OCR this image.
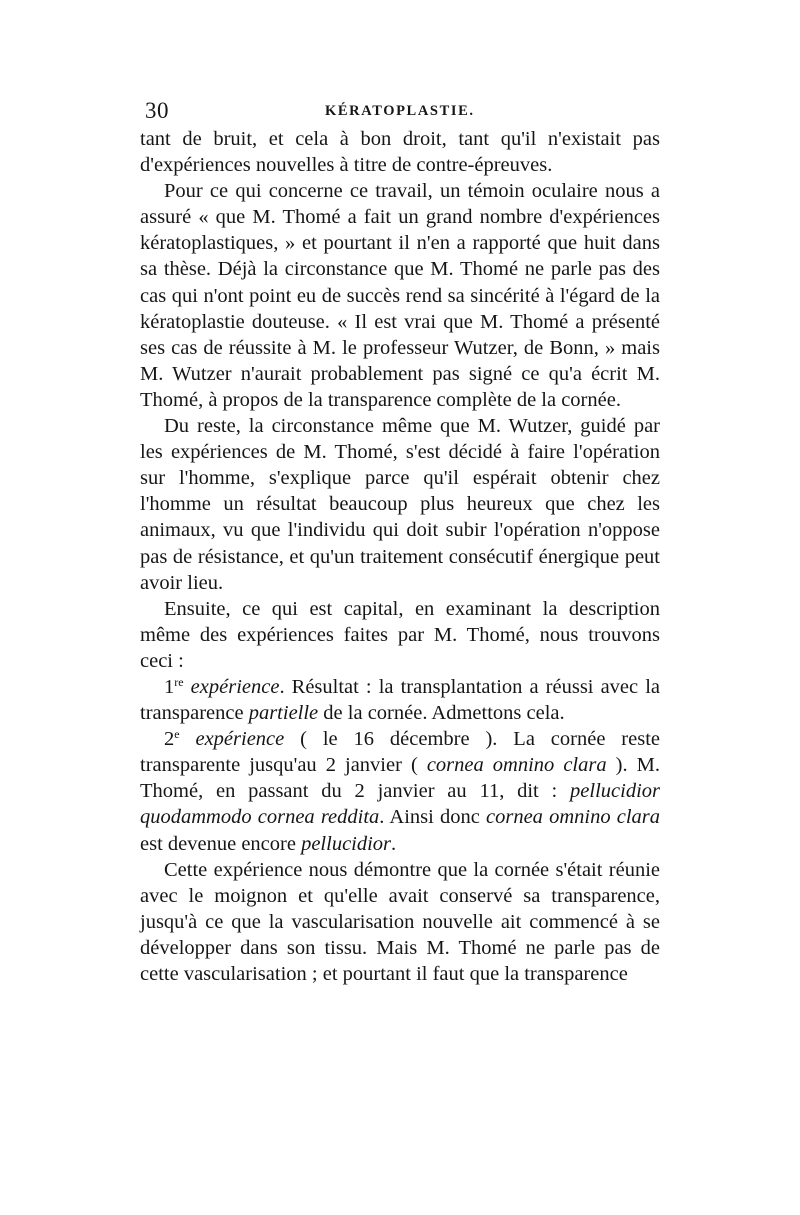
30	KÉRATOPLASTIE.

tant de bruit, et cela à bon droit, tant qu'il n'existait pas d'expériences nouvelles à titre de contre-épreuves.

Pour ce qui concerne ce travail, un témoin oculaire nous a assuré « que M. Thomé a fait un grand nombre d'expériences kératoplastiques, » et pourtant il n'en a rapporté que huit dans sa thèse. Déjà la circonstance que M. Thomé ne parle pas des cas qui n'ont point eu de succès rend sa sincérité à l'égard de la kératoplastie douteuse. « Il est vrai que M. Thomé a présenté ses cas de réussite à M. le professeur Wutzer, de Bonn, » mais M. Wutzer n'aurait probablement pas signé ce qu'a écrit M. Thomé, à propos de la transparence complète de la cornée.

Du reste, la circonstance même que M. Wutzer, guidé par les expériences de M. Thomé, s'est décidé à faire l'opération sur l'homme, s'explique parce qu'il espérait obtenir chez l'homme un résultat beaucoup plus heureux que chez les animaux, vu que l'individu qui doit subir l'opération n'oppose pas de résistance, et qu'un traitement consécutif énergique peut avoir lieu.

Ensuite, ce qui est capital, en examinant la description même des expériences faites par M. Thomé, nous trouvons ceci :

1re expérience. Résultat : la transplantation a réussi avec la transparence partielle de la cornée. Admettons cela.

2e expérience ( le 16 décembre ). La cornée reste transparente jusqu'au 2 janvier ( cornea omnino clara ). M. Thomé, en passant du 2 janvier au 11, dit : pellucidior quodammodo cornea reddita. Ainsi donc cornea omnino clara est devenue encore pellucidior.

Cette expérience nous démontre que la cornée s'était réunie avec le moignon et qu'elle avait conservé sa transparence, jusqu'à ce que la vascularisation nouvelle ait commencé à se développer dans son tissu. Mais M. Thomé ne parle pas de cette vascularisation ; et pourtant il faut que la transparence
